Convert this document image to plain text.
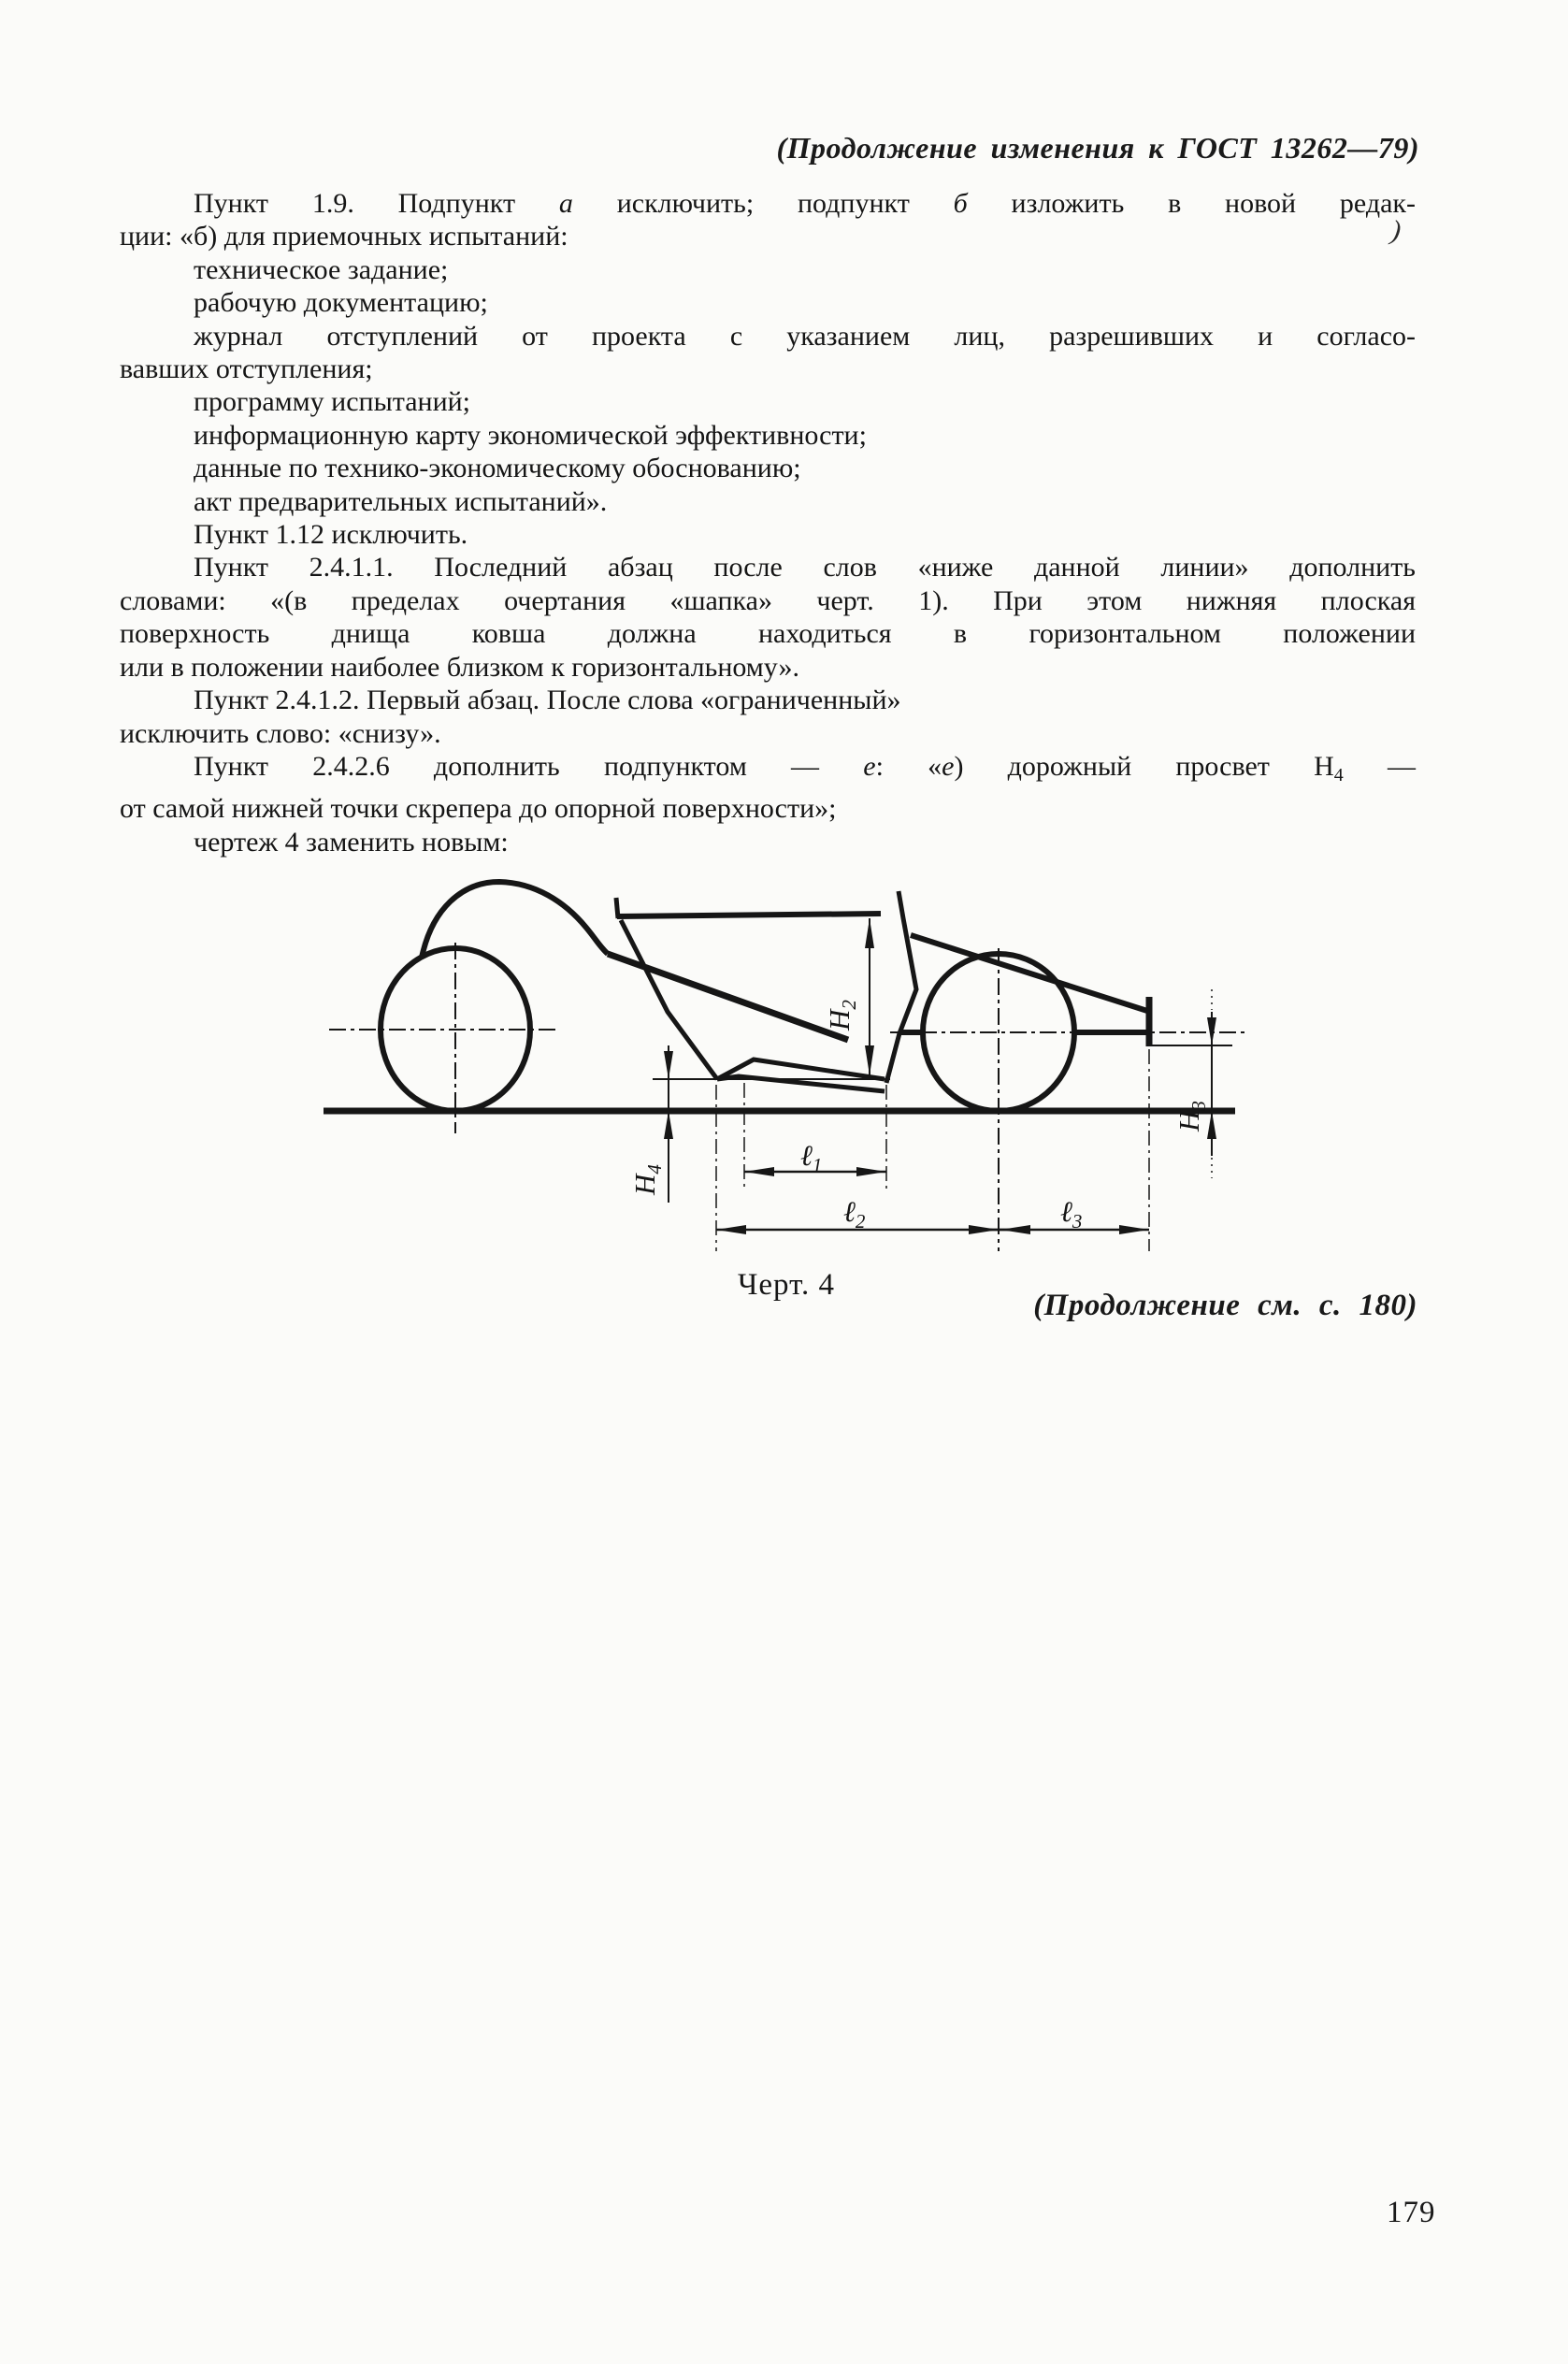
(Продолжение изменения к ГОСТ 13262—79)
)
Пункт 1.9. Подпункт а исключить; подпункт б изложить в новой редак-
ции: «б) для приемочных испытаний:
техническое задание;
рабочую документацию;
журнал отступлений от проекта с указанием лиц, разрешивших и согласо-
вавших отступления;
программу испытаний;
информационную карту экономической эффективности;
данные по технико-экономическому обоснованию;
акт предварительных испытаний».
Пункт 1.12 исключить.
Пункт 2.4.1.1. Последний абзац после слов «ниже данной линии» дополнить
словами: «(в пределах очертания «шапка» черт. 1). При этом нижняя плоская
поверхность днища ковша должна находиться в горизонтальном положении
или в положении наиболее близком к горизонтальному».
Пункт 2.4.1.2. Первый абзац. После слова «ограниченный»
исключить слово: «снизу».
Пункт 2.4.2.6 дополнить подпунктом — е: «е) дорожный просвет $Н_4$ —
от самой нижней точки скрепера до опорной поверхности»;
чертеж 4 заменить новым:
$Н_2$
$Н_4$
$Н_3$
ℓ$_1$
ℓ$_2$	ℓ$_3$
Черт. 4
(Продолжение см. с. 180)
179
